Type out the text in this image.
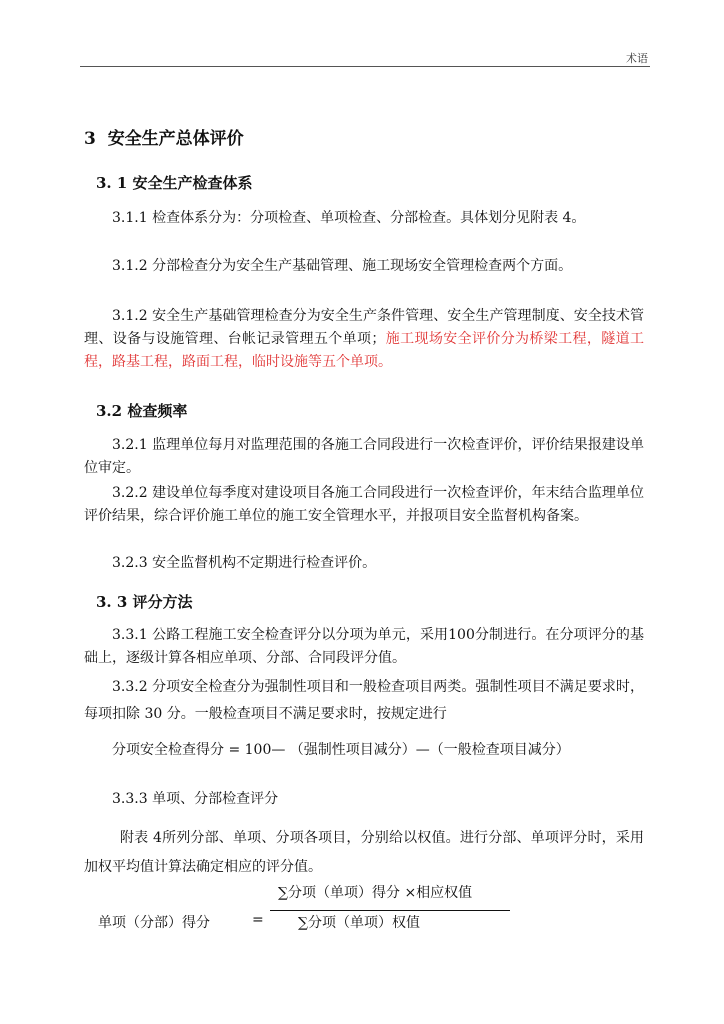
术语
3 安全生产总体评价
3. 1 安全生产检查体系

3.1.1 检查体系分为：分项检查、单项检查、分部检查。具体划分见附表 4。

3.1.2 分部检查分为安全生产基础管理、施工现场安全管理检查两个方面。

3.1.2 安全生产基础管理检查分为安全生产条件管理、安全生产管理制度、安全技术管理、设备与设施管理、台帐记录管理五个单项；施工现场安全评价分为桥梁工程，隧道工程，路基工程，路面工程，临时设施等五个单项。

3.2 检查频率

3.2.1 监理单位每月对监理范围的各施工合同段进行一次检查评价，评价结果报建设单位审定。

3.2.2 建设单位每季度对建设项目各施工合同段进行一次检查评价，年末结合监理单位评价结果，综合评价施工单位的施工安全管理水平，并报项目安全监督机构备案。

3.2.3 安全监督机构不定期进行检查评价。

3. 3 评分方法

3.3.1 公路工程施工安全检查评分以分项为单元，采用100分制进行。在分项评分的基础上，逐级计算各相应单项、分部、合同段评分值。

3.3.2 分项安全检查分为强制性项目和一般检查项目两类。强制性项目不满足要求时，每项扣除 30 分。一般检查项目不满足要求时，按规定进行

分项安全检查得分 = 100— （强制性项目减分）—（一般检查项目减分）

3.3.3 单项、分部检查评分

附表 4所列分部、单项、分项各项目，分别给以权值。进行分部、单项评分时，采用加权平均值计算法确定相应的评分值。

∑分项（单项）得分 ×相应权值
单项（分部）得分	= ∑分项（单项）权值
